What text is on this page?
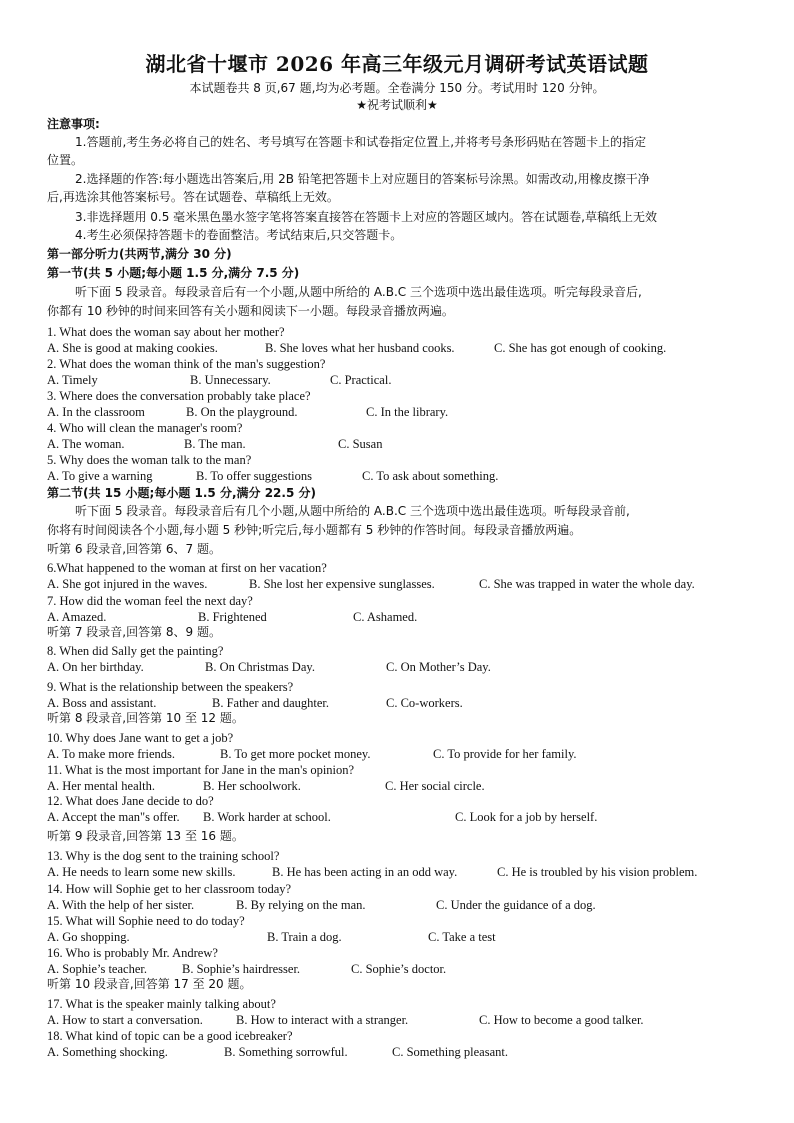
湖北省十堰市 2026 年高三年级元月调研考试英语试题
本试题卷共 8 页,67 题,均为必考题。全卷满分 150 分。考试用时 120 分钟。
★祝考试顺利★
注意事项:
1.答题前,考生务必将自己的姓名、考号填写在答题卡和试卷指定位置上,并将考号条形码贴在答题卡上的指定
位置。
2.选择题的作答:每小题选出答案后,用 2B 铅笔把答题卡上对应题目的答案标号涂黑。如需改动,用橡皮擦干净
后,再选涂其他答案标号。答在试题卷、草稿纸上无效。
3.非选择题用 0.5 毫米黑色墨水签字笔将答案直接答在答题卡上对应的答题区域内。答在试题卷,草稿纸上无效
4.考生必须保持答题卡的卷面整洁。考试结束后,只交答题卡。
第一部分听力(共两节,满分 30 分)
第一节(共 5 小题;每小题 1.5 分,满分 7.5 分)
听下面 5 段录音。每段录音后有一个小题,从题中所给的 A.B.C 三个选项中选出最佳选项。听完每段录音后,
你都有 10 秒钟的时间来回答有关小题和阅读下一小题。每段录音播放两遍。
第二节(共 15 小题;每小题 1.5 分,满分 22.5 分)
听下面 5 段录音。每段录音后有几个小题,从题中所给的 A.B.C 三个选项中选出最佳选项。听每段录音前,
你将有时间阅读各个小题,每小题 5 秒钟;听完后,每小题都有 5 秒钟的作答时间。每段录音播放两遍。
听第 6 段录音,回答第 6、7 题。
听第 7 段录音,回答第 8、9 题。
听第 8 段录音,回答第 10 至 12 题。
听第 9 段录音,回答第 13 至 16 题。
听第 10 段录音,回答第 17 至 20 题。
1. What does the woman say about her mother?
A. She is good at making cookies.	B. She loves what her husband cooks.	C. She has got enough of cooking.
2. What does the woman think of the man's suggestion?
A. Timely	B. Unnecessary.	C. Practical.
3. Where does the conversation probably take place?
A. In the classroom	B. On the playground.	C. In the library.
4. Who will clean the manager's room?
A. The woman.	B. The man.	C. Susan
5. Why does the woman talk to the man?
A. To give a warning	B. To offer suggestions	C. To ask about something.
6.What happened to the woman at first on her vacation?
A. She got injured in the waves.	B. She lost her expensive sunglasses.	C. She was trapped in water the whole day.
7. How did the woman feel the next day?
A. Amazed.	B. Frightened	C. Ashamed.
8. When did Sally get the painting?
A. On her birthday.	B. On Christmas Day.	C. On Mother’s Day.
9. What is the relationship between the speakers?
A. Boss and assistant.	B. Father and daughter.	C. Co-workers.
10. Why does Jane want to get a job?
A. To make more friends.	B. To get more pocket money.	C. To provide for her family.
11. What is the most important for Jane in the man's opinion?
A. Her mental health.	B. Her schoolwork.	C. Her social circle.
12. What does Jane decide to do?
A. Accept the man"s offer. B. Work harder at school.	C. Look for a job by herself.
13. Why is the dog sent to the training school?
A. He needs to learn some new skills.	B. He has been acting in an odd way.	C. He is troubled by his vision problem.
14. How will Sophie get to her classroom today?
A. With the help of her sister.	B. By relying on the man.	C. Under the guidance of a dog.
15. What will Sophie need to do today?
A. Go shopping.	B. Train a dog.	C. Take a test
16. Who is probably Mr. Andrew?
A. Sophie’s teacher.	B. Sophie’s hairdresser.	C. Sophie’s doctor.
17. What is the speaker mainly talking about?
A. How to start a conversation.	B. How to interact with a stranger.	C. How to become a good talker.
18. What kind of topic can be a good icebreaker?
A. Something shocking.	B. Something sorrowful.	C. Something pleasant.
